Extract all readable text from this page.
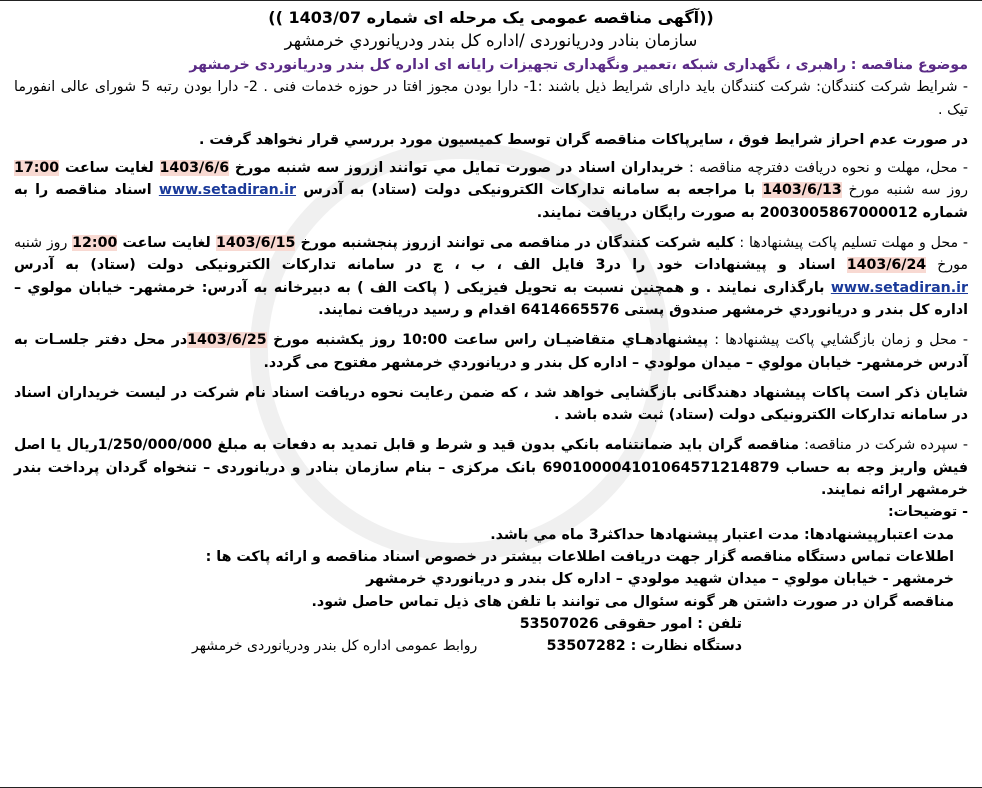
((آگهی مناقصه عمومی یک مرحله ای شماره 1403/07 ))

سازمان بنادر ودریانوردی /اداره کل بندر ودریانوردي خرمشهر

موضوع مناقصه : راهبری ، نگهداری شبکه ،تعمیر ونگهداری تجهیزات رایانه ای اداره کل بندر ودریانوردی خرمشهر

- شرایط شرکت کنندگان: شرکت کنندگان باید دارای شرایط ذیل باشند :1- دارا بودن مجوز افتا در حوزه خدمات فنی . 2- دارا بودن رتبه 5 شورای عالی انفورما تیک .

در صورت عدم احراز شرایط فوق ، سایرپاکات مناقصه گران توسط کمیسیون مورد بررسي قرار نخواهد گرفت .

- محل، مهلت و نحوه دریافت دفترچه مناقصه : خریداران اسناد در صورت تمایل مي توانند ازروز سه شنبه مورخ 1403/6/6 لغایت ساعت 17:00 روز سه شنبه مورخ 1403/6/13 با مراجعه به سامانه تدارکات الکترونیکی دولت (ستاد) به آدرس www.setadiran.ir اسناد مناقصه را به شماره 2003005867000012 به صورت رایگان دریافت نمایند.

- محل و مهلت تسلیم پاکت پیشنهادها : کلیه شرکت کنندگان در مناقصه می توانند ازروز پنجشنبه مورخ 1403/6/15 لغایت ساعت 12:00 روز شنبه مورخ 1403/6/24 اسناد و پیشنهادات خود را در3 فایل الف ، ب ، ج در سامانه تدارکات الکترونیکی دولت (ستاد) به آدرس www.setadiran.ir بارگذاری نمایند . و همچنین نسبت به تحویل فیزیکی ( پاکت الف ) به دبیرخانه به آدرس: خرمشهر- خیابان مولوي – اداره کل بندر و دریانوردي خرمشهر صندوق پستی 6414665576 اقدام و رسید دریافت نمایند.

- محل و زمان بازگشايي پاکت پیشنهادها : پیشنهادهـاي متقاضیـان راس ساعت 10:00 روز یکشنبه مورخ 1403/6/25در محل دفتر جلسـات به آدرس خرمشهر- خیابان مولوي – میدان مولودي – اداره کل بندر و دریانوردي خرمشهر مفتوح می گردد.

شایان ذکر است پاکات پیشنهاد دهندگانی بازگشایی خواهد شد ، که ضمن رعایت نحوه دریافت اسناد نام شرکت در لیست خریداران اسناد در سامانه تدارکات الکترونیکی دولت (ستاد) ثبت شده باشد .

- سپرده شرکت در مناقصه: مناقصه گران باید ضمانتنامه بانکي بدون قید و شرط و قابل تمدید به دفعات به مبلغ 1/250/000/000ریال یا اصل فیش واریز وجه به حساب 69010000410106457121487​9 بانک مرکزی – بنام سازمان بنادر و دریانوردی – تنخواه گردان پرداخت بندر خرمشهر ارائه نمایند.

- توضیحات:

مدت اعتبارپیشنهادها: مدت اعتبار پیشنهادها حداکثر3 ماه مي باشد.

اطلاعات تماس دستگاه مناقصه گزار جهت دریافت اطلاعات بیشتر در خصوص اسناد مناقصه و ارائه پاکت ها :

خرمشهر - خیابان مولوي – میدان شهید مولودي – اداره کل بندر و دریانوردي خرمشهر

مناقصه گران در صورت داشتن هر گونه سئوال می توانند با تلفن های ذیل تماس حاصل شود.

تلفن : امور حقوقی 53507026

دستگاه نظارت : 53507282

روابط عمومی اداره کل بندر ودریانوردی خرمشهر
